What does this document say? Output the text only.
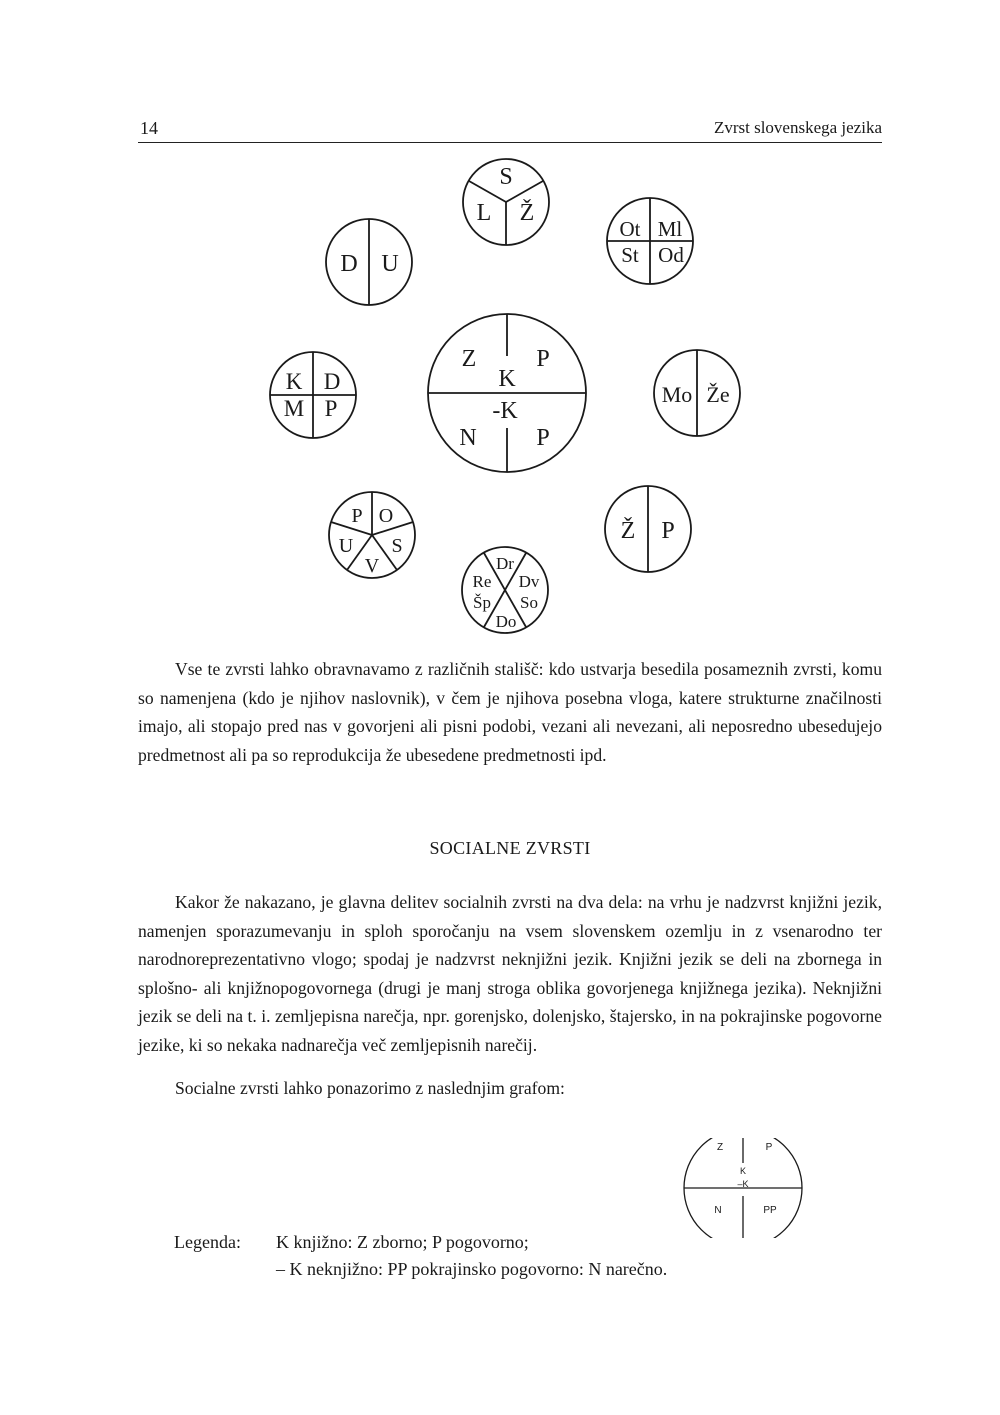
14	Zvrst slovenskega jezika
Z P
K
-K
N P
S
L Ž
D U
Ot Ml
St Od
K D
M P
Mo Že
P O
U S
V
Ž P
Dr
Re Dv
Šp So
Do

Vse te zvrsti lahko obravnavamo z različnih stališč: kdo ustvarja besedila posameznih zvrsti, komu so namenjena (kdo je njihov naslovnik), v čem je njihova posebna vloga, katere strukturne značilnosti imajo, ali stopajo pred nas v govorjeni ali pisni podobi, vezani ali nevezani, ali neposredno ubesedujejo predmetnost ali pa so reprodukcija že ubesedene predmetnosti ipd.

SOCIALNE ZVRSTI

Kakor že nakazano, je glavna delitev socialnih zvrsti na dva dela: na vrhu je nadzvrst knjižni jezik, namenjen sporazumevanju in sploh sporočanju na vsem slovenskem ozemlju in z vsenarodno ter narodnoreprezentativno vlogo; spodaj je nadzvrst neknjižni jezik. Knjižni jezik se deli na zbornega in splošno- ali knjižnopogovornega (drugi je manj stroga oblika govorjenega knjižnega jezika). Neknjižni jezik se deli na t. i. zemljepisna narečja, npr. gorenjsko, dolenjsko, štajersko, in na pokrajinske pogovorne jezike, ki so nekaka nadnarečja več zemljepisnih narečij.

Socialne zvrsti lahko ponazorimo z naslednjim grafom:

Z	P
K
–K
N	PP
Legenda: K knjižno: Z zborno; P pogovorno;
– K neknjižno: PP pokrajinsko pogovorno: N narečno.
